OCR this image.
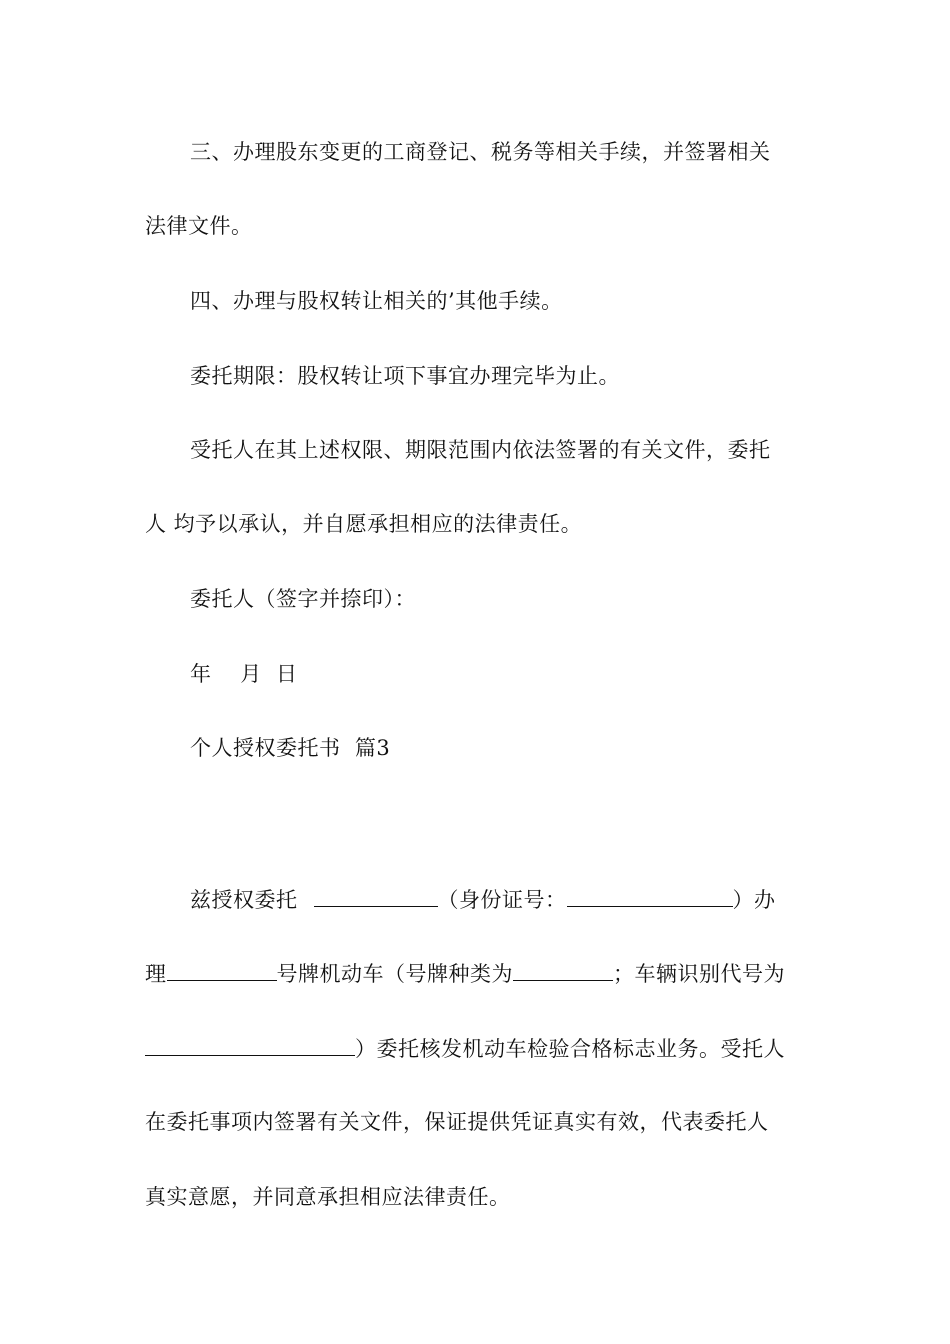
三、办理股东变更的工商登记、税务等相关手续，并签署相关
法律文件。
四、办理与股权转让相关的’其他手续。
委托期限：股权转让项下事宜办理完毕为止。
受托人在其上述权限、期限范围内依法签署的有关文件，委托
人 均予以承认，并自愿承担相应的法律责任。
委托人（签字并捺印）：
年    月  日
个人授权委托书  篇3
兹授权委托	（身份证号：	）办
理	号牌机动车（号牌种类为	；车辆识别代号为
）委托核发机动车检验合格标志业务。受托人
在委托事项内签署有关文件，保证提供凭证真实有效，代表委托人
真实意愿，并同意承担相应法律责任。
